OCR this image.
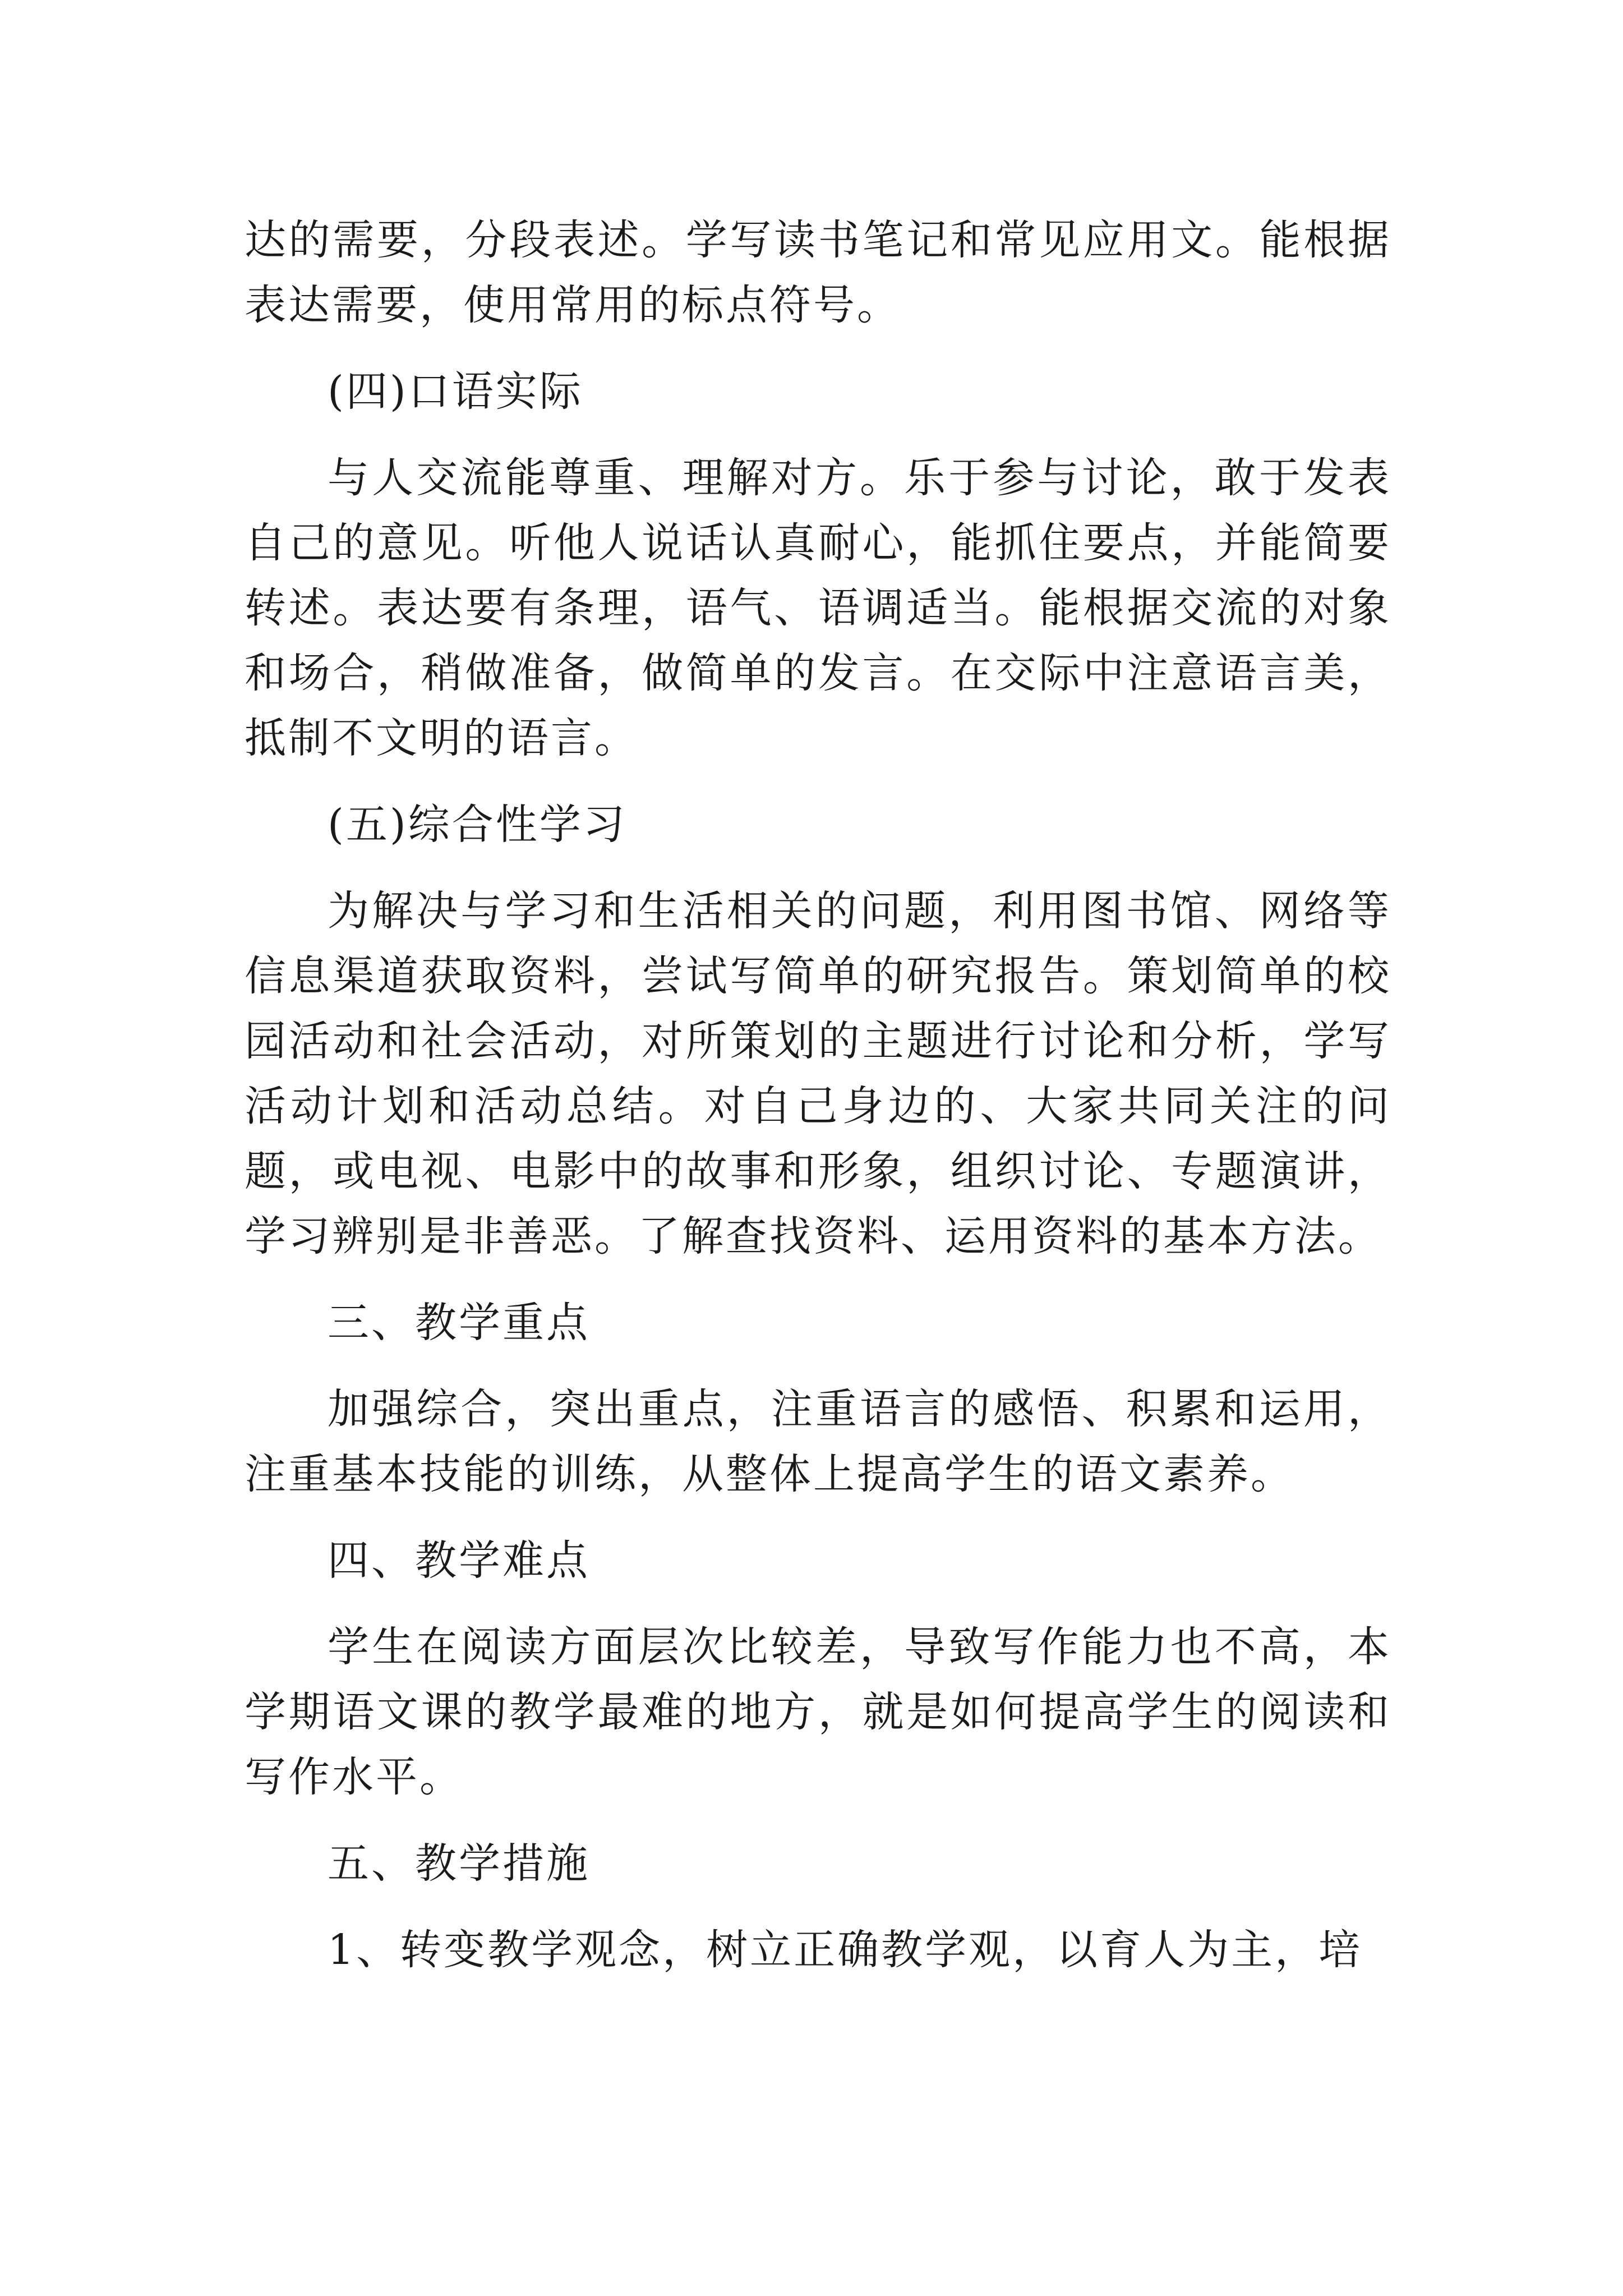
达的需要，分段表述。学写读书笔记和常见应用文。能根据表达需要，使用常用的标点符号。

(四)口语实际

与人交流能尊重、理解对方。乐于参与讨论，敢于发表自己的意见。听他人说话认真耐心，能抓住要点，并能简要转述。表达要有条理，语气、语调适当。能根据交流的对象和场合，稍做准备，做简单的发言。在交际中注意语言美，抵制不文明的语言。

(五)综合性学习

为解决与学习和生活相关的问题，利用图书馆、网络等信息渠道获取资料，尝试写简单的研究报告。策划简单的校园活动和社会活动，对所策划的主题进行讨论和分析，学写活动计划和活动总结。对自己身边的、大家共同关注的问题，或电视、电影中的故事和形象，组织讨论、专题演讲，学习辨别是非善恶。了解查找资料、运用资料的基本方法。

三、教学重点

加强综合，突出重点，注重语言的感悟、积累和运用，注重基本技能的训练，从整体上提高学生的语文素养。

四、教学难点

学生在阅读方面层次比较差，导致写作能力也不高，本学期语文课的教学最难的地方，就是如何提高学生的阅读和写作水平。

五、教学措施

1、转变教学观念，树立正确教学观，以育人为主，培
